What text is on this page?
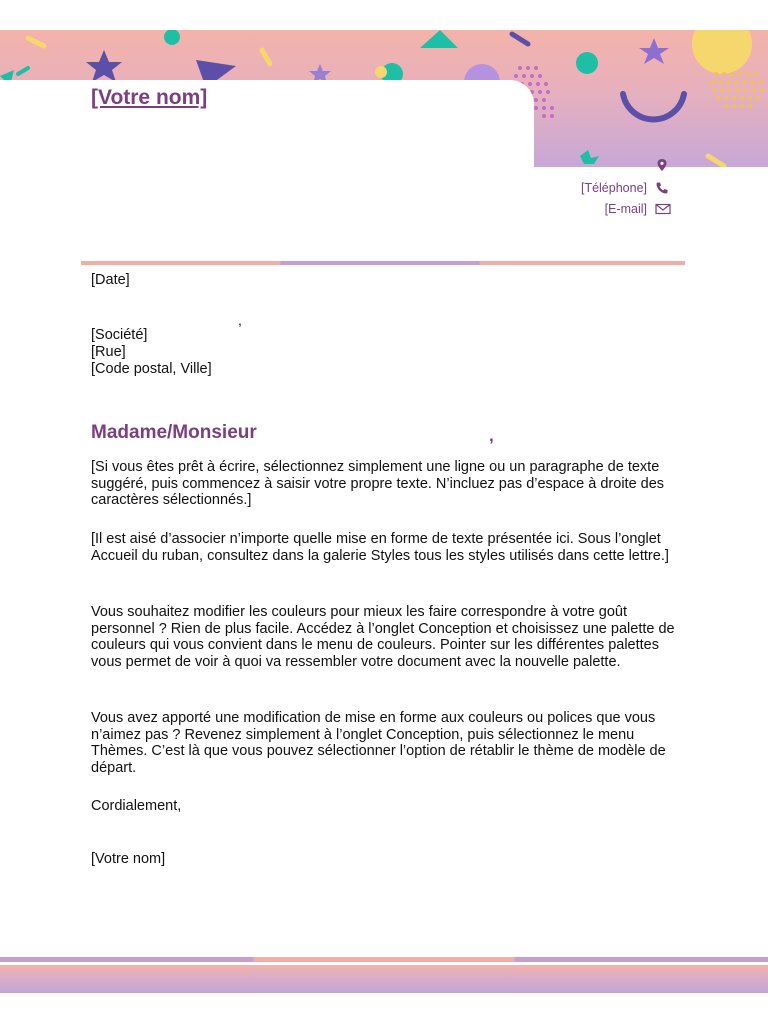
[Votre nom]
[Téléphone]
[E-mail]
[Date]
,
[Société]
[Rue]
[Code postal, Ville]
Madame/Monsieur	,
[Si vous êtes prêt à écrire, sélectionnez simplement une ligne ou un paragraphe de texte suggéré, puis commencez à saisir votre propre texte. N’incluez pas d’espace à droite des caractères sélectionnés.]
[Il est aisé d’associer n’importe quelle mise en forme de texte présentée ici. Sous l’onglet Accueil du ruban, consultez dans la galerie Styles tous les styles utilisés dans cette lettre.]
Vous souhaitez modifier les couleurs pour mieux les faire correspondre à votre goût personnel ? Rien de plus facile. Accédez à l’onglet Conception et choisissez une palette de couleurs qui vous convient dans le menu de couleurs. Pointer sur les différentes palettes vous permet de voir à quoi va ressembler votre document avec la nouvelle palette.
Vous avez apporté une modification de mise en forme aux couleurs ou polices que vous n’aimez pas ? Revenez simplement à l’onglet Conception, puis sélectionnez le menu Thèmes. C’est là que vous pouvez sélectionner l’option de rétablir le thème de modèle de départ.
Cordialement,
[Votre nom]
